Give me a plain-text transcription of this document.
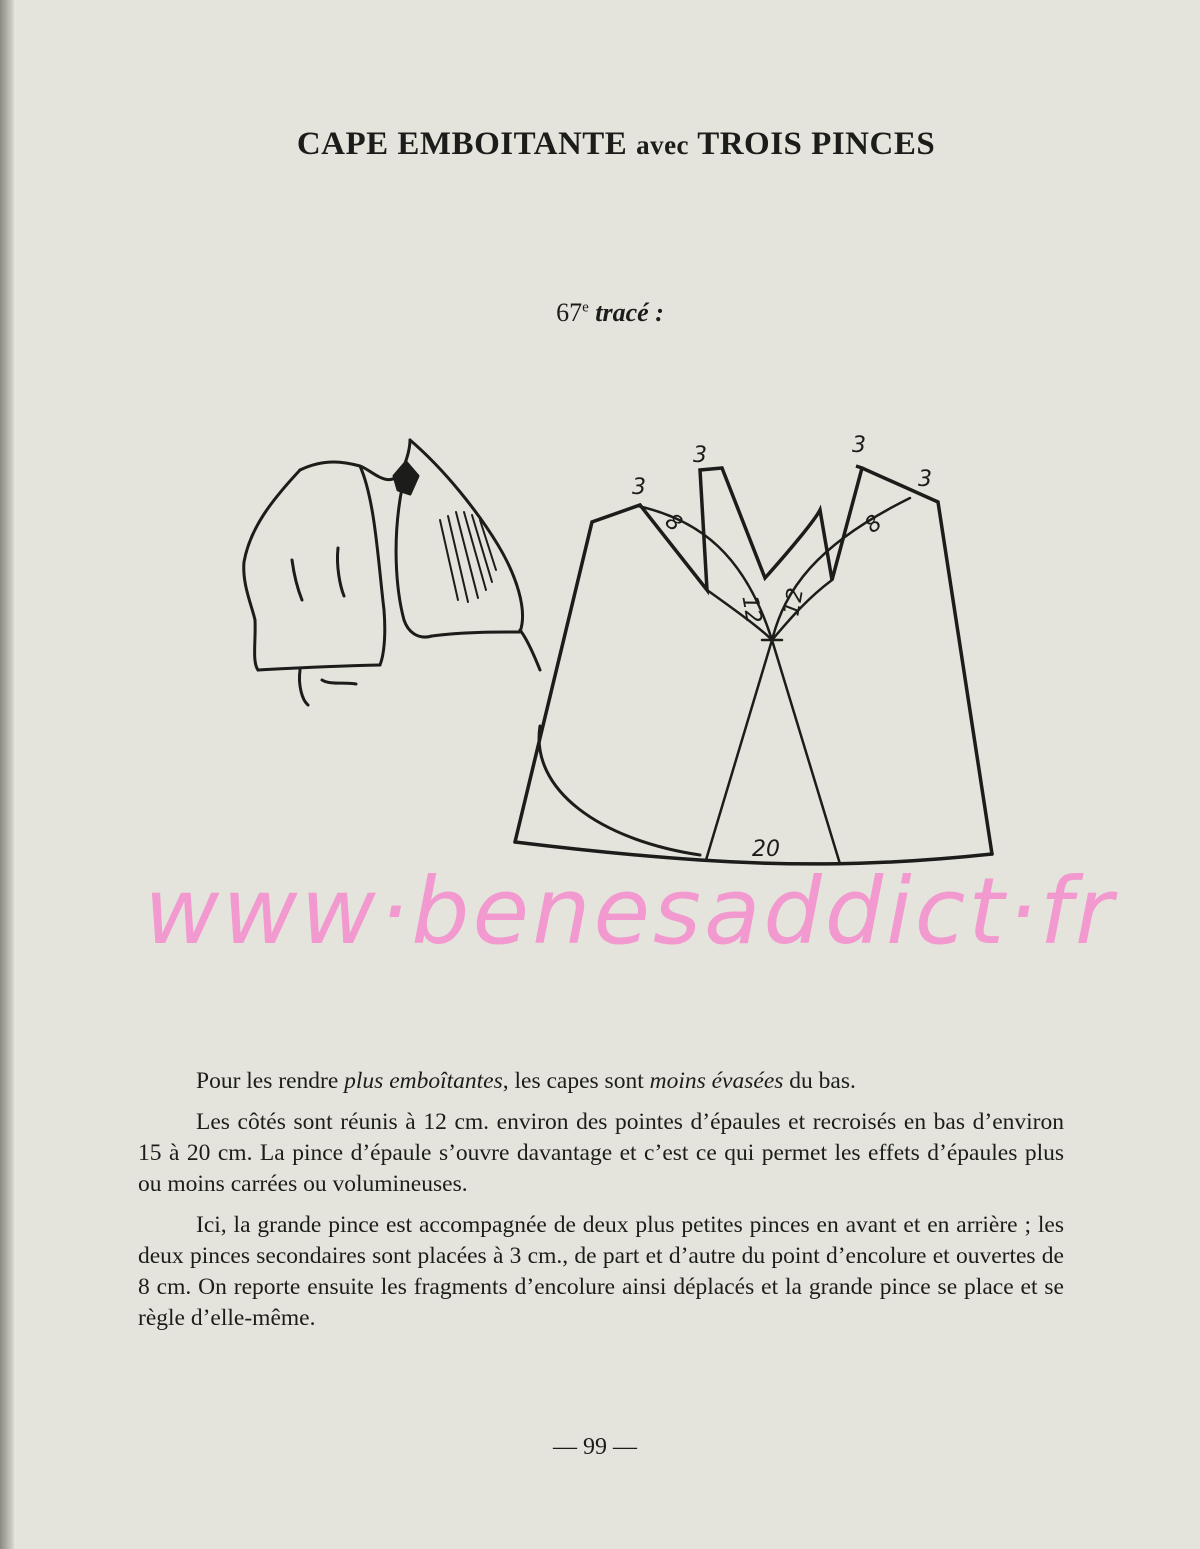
CAPE EMBOITANTE avec TROIS PINCES
67e tracé :
3
3	3
3
8	8
12 12
20
www·benesaddict·fr

Pour les rendre plus emboîtantes, les capes sont moins évasées du bas.

Les côtés sont réunis à 12 cm. environ des pointes d’épaules et recroisés en bas d’environ 15 à 20 cm. La pince d’épaule s’ouvre davantage et c’est ce qui permet les effets d’épaules plus ou moins carrées ou volumineuses.

Ici, la grande pince est accompagnée de deux plus petites pinces en avant et en arrière ; les deux pinces secondaires sont placées à 3 cm., de part et d’autre du point d’encolure et ouvertes de 8 cm. On reporte ensuite les fragments d’encolure ainsi déplacés et la grande pince se place et se règle d’elle-même.

— 99 —
